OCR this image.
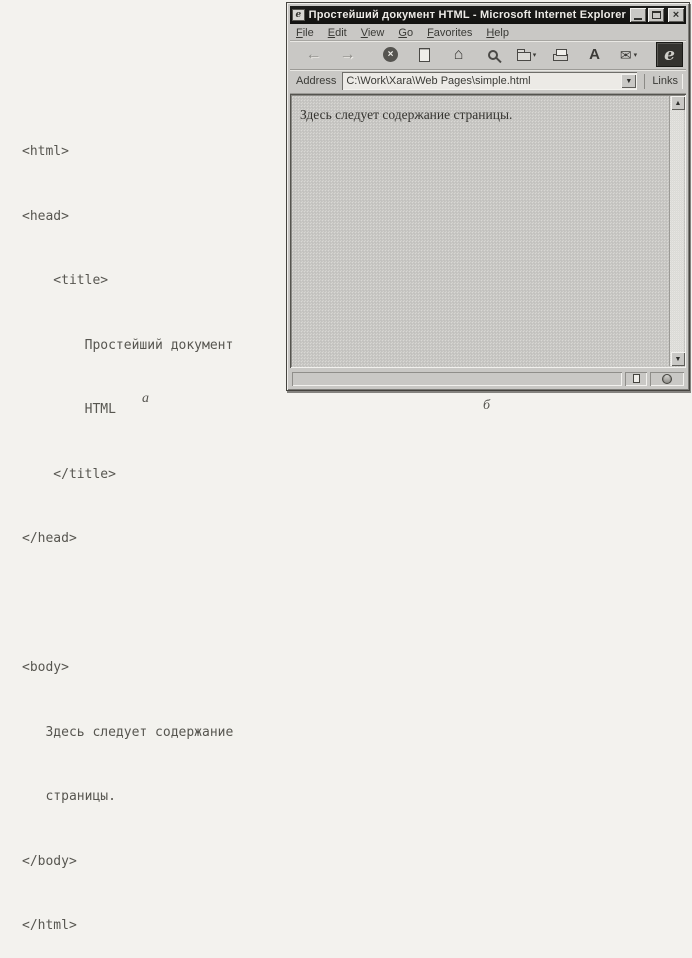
<html>

<head>

<title>

Простейший документ

HTML

</title>

</head>

<body>

Здесь следует содержание

страницы.

</body>

</html>

а
e Простейший документ HTML - Microsoft Internet Explorer	×
File Edit View Go Favorites Help
← →	×	⌂	▾	A ✉ ▾	e
Address
C:\Work\Xara\Web Pages\simple.html	▼	Links
Здесь следует содержание страницы.
▲
▼
б
